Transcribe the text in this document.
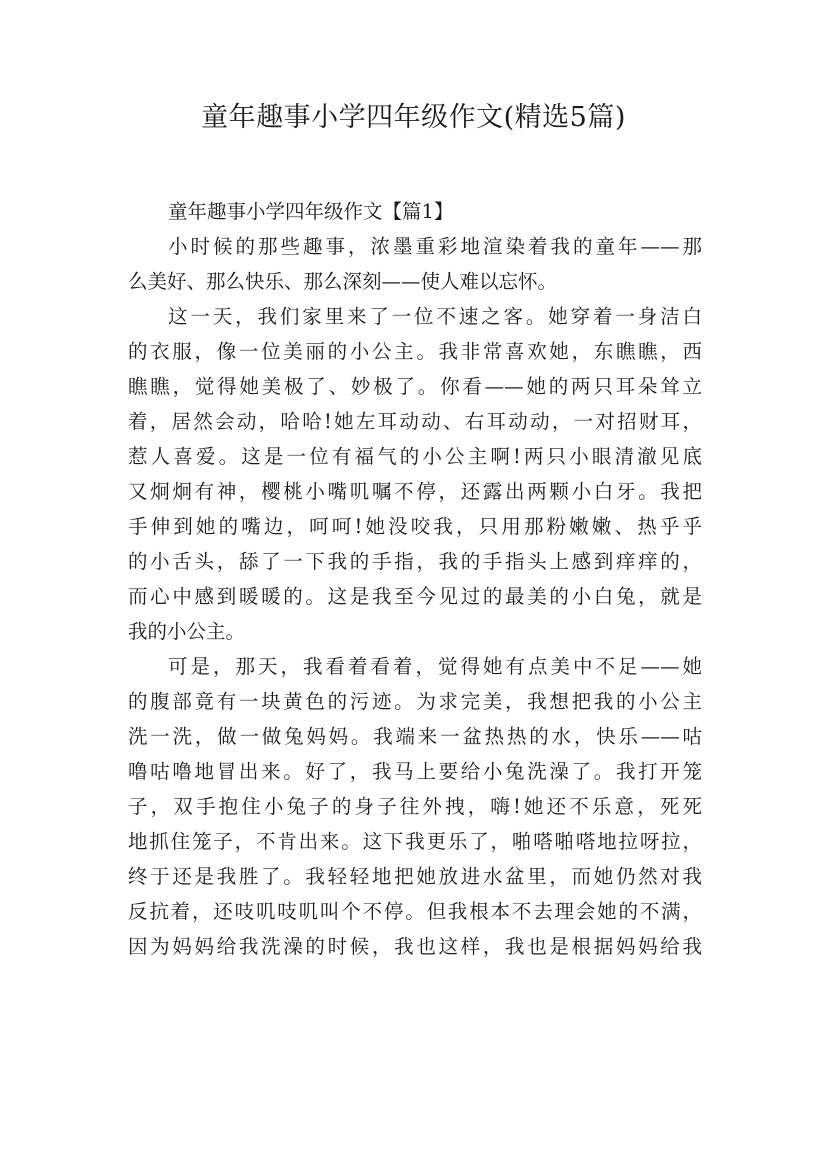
童年趣事小学四年级作文(精选5篇)
童年趣事小学四年级作文【篇1】
小时候的那些趣事，浓墨重彩地渲染着我的童年——那
么美好、那么快乐、那么深刻——使人难以忘怀。
这一天，我们家里来了一位不速之客。她穿着一身洁白
的衣服，像一位美丽的小公主。我非常喜欢她，东瞧瞧，西
瞧瞧，觉得她美极了、妙极了。你看——她的两只耳朵耸立
着，居然会动，哈哈!她左耳动动、右耳动动，一对招财耳，
惹人喜爱。这是一位有福气的小公主啊!两只小眼清澈见底
又炯炯有神，樱桃小嘴叽嘱不停，还露出两颗小白牙。我把
手伸到她的嘴边，呵呵!她没咬我，只用那粉嫩嫩、热乎乎
的小舌头，舔了一下我的手指，我的手指头上感到痒痒的，
而心中感到暖暖的。这是我至今见过的最美的小白兔，就是
我的小公主。
可是，那天，我看着看着，觉得她有点美中不足——她
的腹部竟有一块黄色的污迹。为求完美，我想把我的小公主
洗一洗，做一做兔妈妈。我端来一盆热热的水，快乐——咕
噜咕噜地冒出来。好了，我马上要给小兔洗澡了。我打开笼
子，双手抱住小兔子的身子往外拽，嗨!她还不乐意，死死
地抓住笼子，不肯出来。这下我更乐了，啪嗒啪嗒地拉呀拉，
终于还是我胜了。我轻轻地把她放进水盆里，而她仍然对我
反抗着，还吱叽吱叽叫个不停。但我根本不去理会她的不满，
因为妈妈给我洗澡的时候，我也这样，我也是根据妈妈给我
